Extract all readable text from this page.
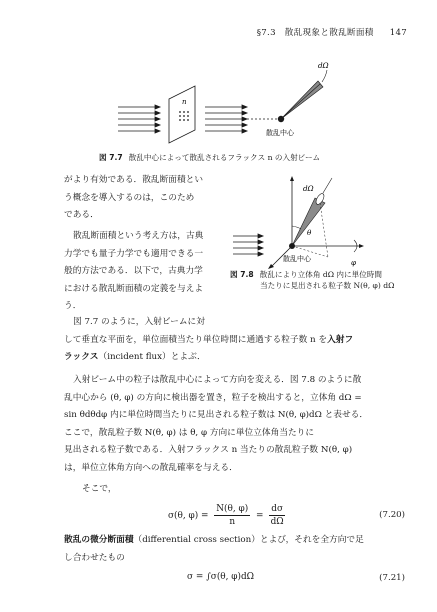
§7.3　散乱現象と散乱断面積 147
n
dΩ
散乱中心
図 7.7 散乱中心によって散乱されるフラックス n の入射ビーム
dΩ
θ
φ
散乱中心
図 7.8 散乱により立体角 dΩ 内に単位時間
当たりに見出される粒子数 N(θ, φ) dΩ
がより有効である．散乱断面積とい
う概念を導入するのは，このため
である．
散乱断面積という考え方は，古典
力学でも量子力学でも適用できる一
般的方法である．以下で，古典力学
における散乱断面積の定義を与えよ
う．
図 7.7 のように，入射ビームに対
して垂直な平面を，単位面積当たり単位時間に通過する粒子数 n を入射フ
ラックス（incident flux）とよぶ．
入射ビーム中の粒子は散乱中心によって方向を変える．図 7.8 のように散
乱中心から (θ, φ) の方向に検出器を置き，粒子を検出すると，立体角 dΩ =
sin θdθdφ 内に単位時間当たりに見出される粒子数は N(θ, φ)dΩ と表せる．
ここで，散乱粒子数 N(θ, φ) は θ, φ 方向に単位立体角当たりに
見出される粒子数である．入射フラックス n 当たりの散乱粒子数 N(θ, φ)
は，単位立体角方向への散乱確率を与える．
そこで，
σ(θ, $\varphi) = \frac{N(\theta, \varphi)}{n} = \frac{d\sigma}{d\Omega}$	(7.20)
散乱の微分断面積（differential cross section）とよび，それを全方向で足
し合わせたもの
σ = ∫σ(θ, φ)dΩ	(7.21)
